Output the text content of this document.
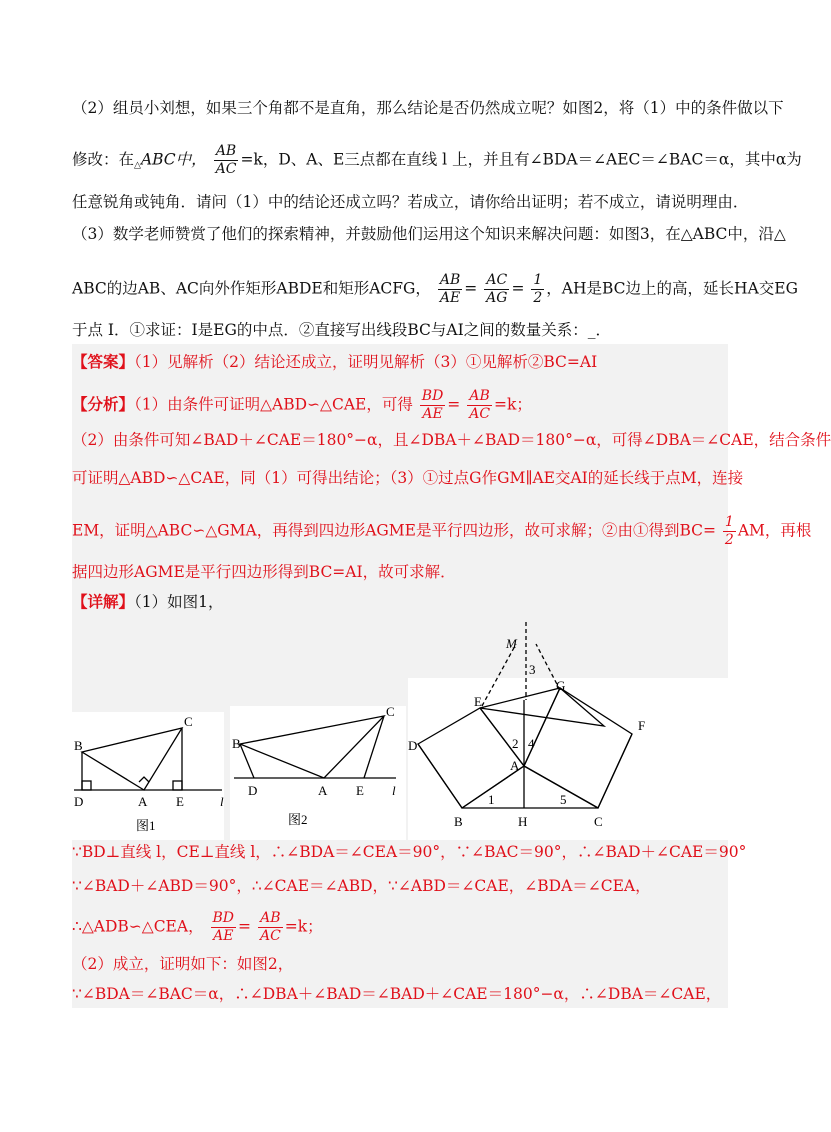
（2）组员小刘想，如果三个角都不是直角，那么结论是否仍然成立呢？如图2，将（1）中的条件做以下
修改：在△ABC中， $\frac{AB}{AC} =k$，D、A、E三点都在直线 l 上，并且有∠BDA＝∠AEC＝∠BAC＝α，其中α为
任意锐角或钝角．请问（1）中的结论还成立吗？若成立，请你给出证明；若不成立，请说明理由．
（3）数学老师赞赏了他们的探索精神，并鼓励他们运用这个知识来解决问题：如图3，在△ABC中，沿△
ABC的边AB、AC向外作矩形ABDE和矩形ACFG， $\frac{AB}{AE} = \frac{AC}{AG} = \frac{1}{2}$ ，AH是BC边上的高，延长HA交EG
于点 I．①求证：I是EG的中点．②直接写出线段BC与AI之间的数量关系：_．
【答案】（1）见解析（2）结论还成立，证明见解析（3）①见解析②BC=AI
【分析】（1）由条件可证明△ABD∽△CAE，可得 $\frac{BD}{AE} = \frac{AB}{AC} =k$；
（2）由条件可知∠BAD＋∠CAE＝180°−α，且∠DBA＋∠BAD＝180°−α，可得∠DBA＝∠CAE，结合条件
可证明△ABD∽△CAE，同（1）可得出结论；（3）①过点G作GM∥AE交AI的延长线于点M，连接
EM，证明△ABC∽△GMA，再得到四边形AGME是平行四边形，故可求解；②由①得到$BC= \frac{1}{2}$ AM，再根
据四边形AGME是平行四边形得到BC=AI，故可求解．
【详解】（1）如图1，
B
C
D	A E	l
图1
B
C
D	A E l
图2
M
3
E
G
D
F
2 4
A
1	5
B	H	C
∵BD⊥直线 l，CE⊥直线 l，∴∠BDA＝∠CEA＝90°，∵∠BAC＝90°，∴∠BAD＋∠CAE＝90°
∵∠BAD＋∠ABD＝90°，∴∠CAE＝∠ABD，∵∠ABD＝∠CAE，∠BDA＝∠CEA，
∴△ADB∽△CEA， $\frac{BD}{AE} = \frac{AB}{AC} =k$；
（2）成立，证明如下：如图2，
∵∠BDA＝∠BAC＝α，∴∠DBA＋∠BAD＝∠BAD＋∠CAE＝180°−α，∴∠DBA＝∠CAE，
